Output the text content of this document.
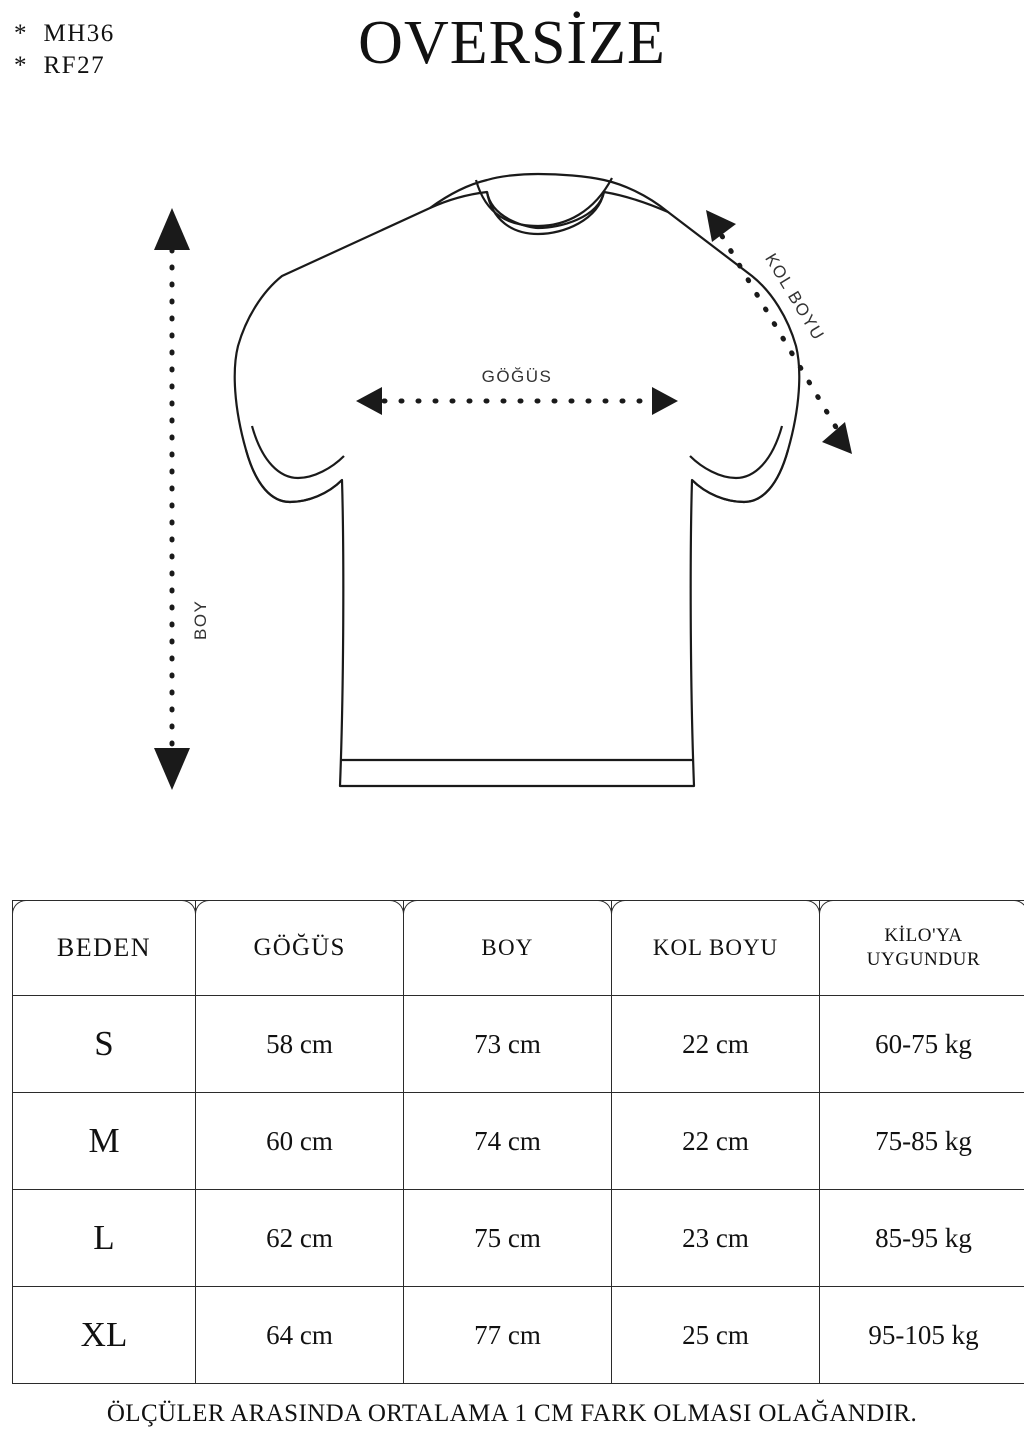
*  MH36
*  RF27	OVERSİZE
BOY
GÖĞÜS
KOL BOYU
BEDEN	GÖĞÜS	BOY	KOL BOYU	KİLO'YA
UYGUNDUR

S	58 cm	73 cm	22 cm	60-75 kg
M	60 cm	74 cm	22 cm	75-85 kg
L	62 cm	75 cm	23 cm	85-95 kg
XL	64 cm	77 cm	25 cm	95-105 kg
ÖLÇÜLER ARASINDA ORTALAMA 1 CM FARK OLMASI OLAĞANDIR.
